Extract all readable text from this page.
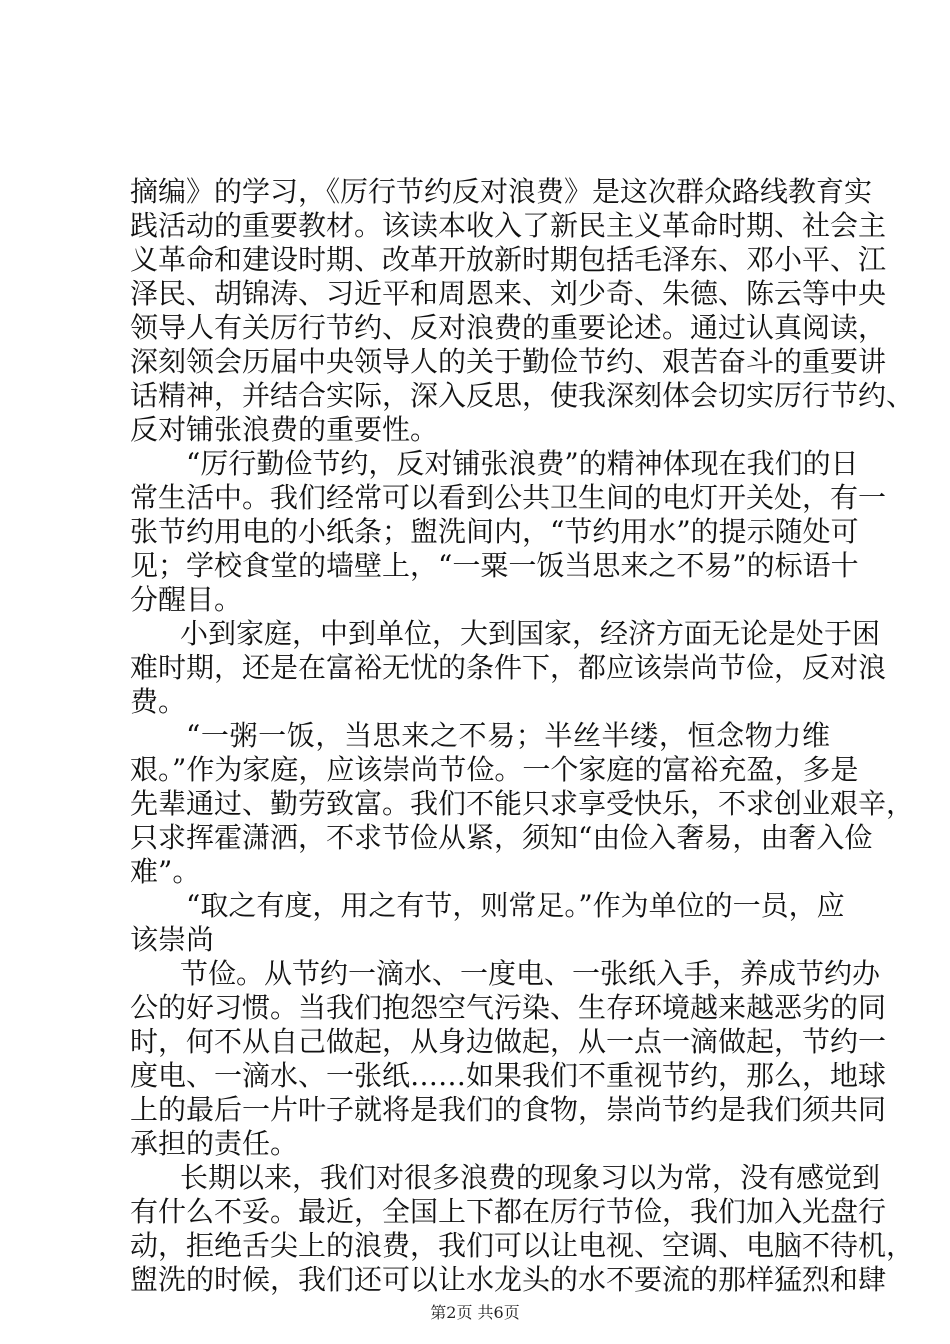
摘编》的学习，《厉行节约反对浪费》是这次群众路线教育实
践活动的重要教材。该读本收入了新民主义革命时期、社会主
义革命和建设时期、改革开放新时期包括毛泽东、邓小平、江
泽民、胡锦涛、习近平和周恩来、刘少奇、朱德、陈云等中央
领导人有关厉行节约、反对浪费的重要论述。通过认真阅读，
深刻领会历届中央领导人的关于勤俭节约、艰苦奋斗的重要讲
话精神，并结合实际，深入反思，使我深刻体会切实厉行节约、
反对铺张浪费的重要性。
“厉行勤俭节约，反对铺张浪费”的精神体现在我们的日
常生活中。我们经常可以看到公共卫生间的电灯开关处，有一
张节约用电的小纸条；盥洗间内，“节约用水”的提示随处可
见；学校食堂的墙壁上，“一粟一饭当思来之不易”的标语十
分醒目。
小到家庭，中到单位，大到国家，经济方面无论是处于困
难时期，还是在富裕无忧的条件下，都应该崇尚节俭，反对浪
费。
“一粥一饭，当思来之不易；半丝半缕，恒念物力维
艰。”作为家庭，应该崇尚节俭。一个家庭的富裕充盈，多是
先辈通过、勤劳致富。我们不能只求享受快乐，不求创业艰辛，
只求挥霍潇洒，不求节俭从紧，须知“由俭入奢易，由奢入俭
难”。
“取之有度，用之有节，则常足。”作为单位的一员，应
该崇尚
节俭。从节约一滴水、一度电、一张纸入手，养成节约办
公的好习惯。当我们抱怨空气污染、生存环境越来越恶劣的同
时，何不从自己做起，从身边做起，从一点一滴做起，节约一
度电、一滴水、一张纸……如果我们不重视节约，那么，地球
上的最后一片叶子就将是我们的食物，崇尚节约是我们须共同
承担的责任。
长期以来，我们对很多浪费的现象习以为常，没有感觉到
有什么不妥。最近，全国上下都在厉行节俭，我们加入光盘行
动，拒绝舌尖上的浪费，我们可以让电视、空调、电脑不待机，
盥洗的时候，我们还可以让水龙头的水不要流的那样猛烈和肆
第2页 共6页
